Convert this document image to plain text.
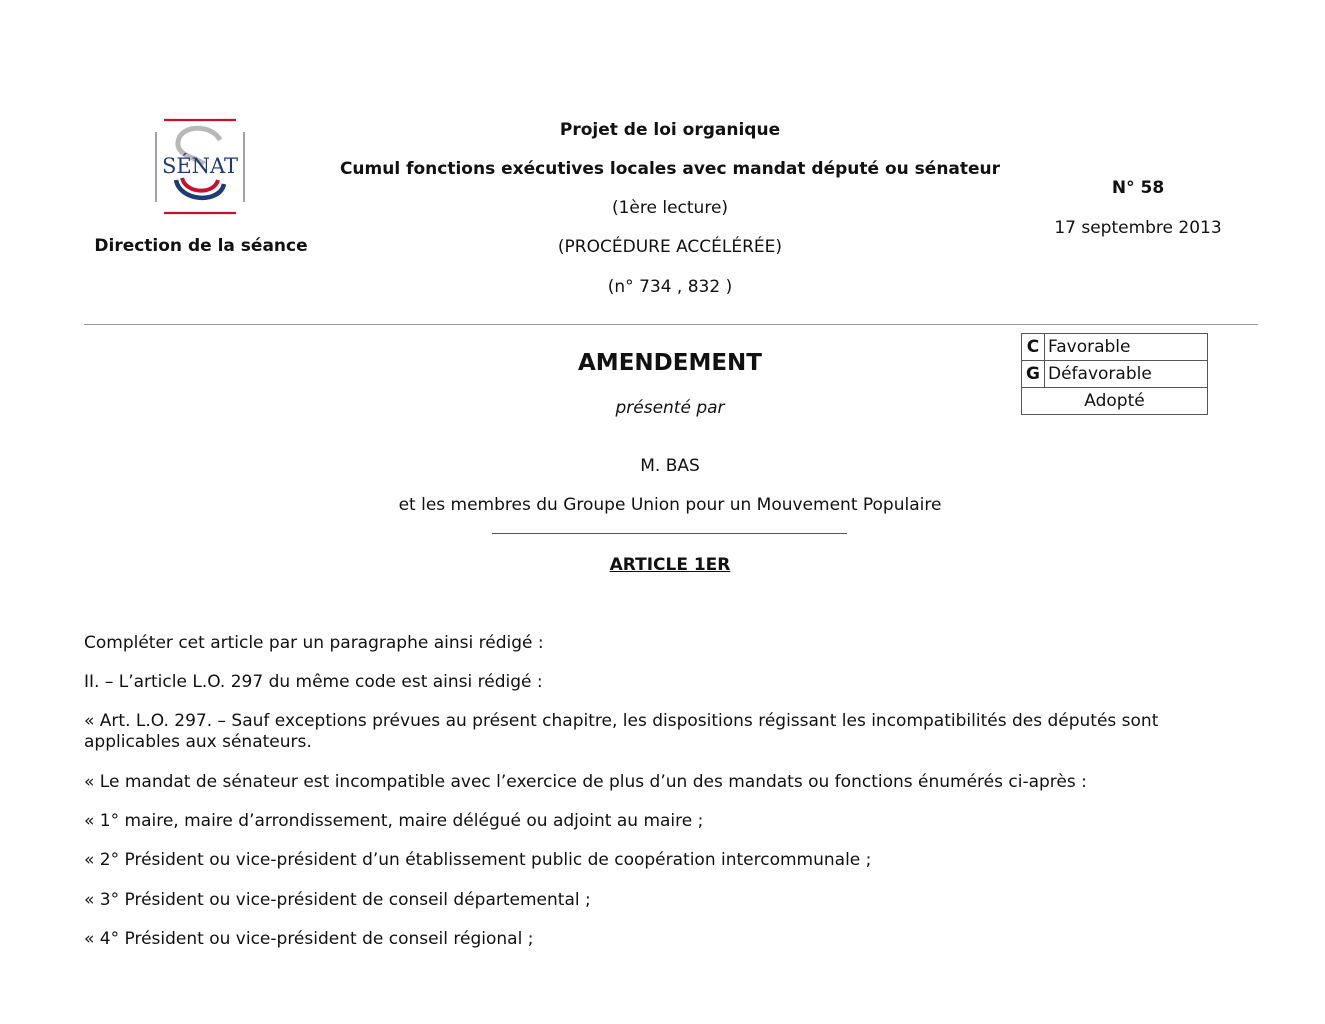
SÉNAT
Direction de la séance
Projet de loi organique
Cumul fonctions exécutives locales avec mandat député ou sénateur
(1ère lecture)
(PROCÉDURE ACCÉLÉRÉE)
(n° 734 , 832 )
N° 58
17 septembre 2013
C	Favorable
G	Défavorable
Adopté	
AMENDEMENT
présenté par
M. BAS
et les membres du Groupe Union pour un Mouvement Populaire
ARTICLE 1ER
Compléter cet article par un paragraphe ainsi rédigé :
II. – L’article L.O. 297 du même code est ainsi rédigé :
« Art. L.O. 297. – Sauf exceptions prévues au présent chapitre, les dispositions régissant les incompatibilités des députés sont applicables aux sénateurs.
« Le mandat de sénateur est incompatible avec l’exercice de plus d’un des mandats ou fonctions énumérés ci-après :
« 1° maire, maire d’arrondissement, maire délégué ou adjoint au maire ;
« 2° Président ou vice-président d’un établissement public de coopération intercommunale ;
« 3° Président ou vice-président de conseil départemental ;
« 4° Président ou vice-président de conseil régional ;
